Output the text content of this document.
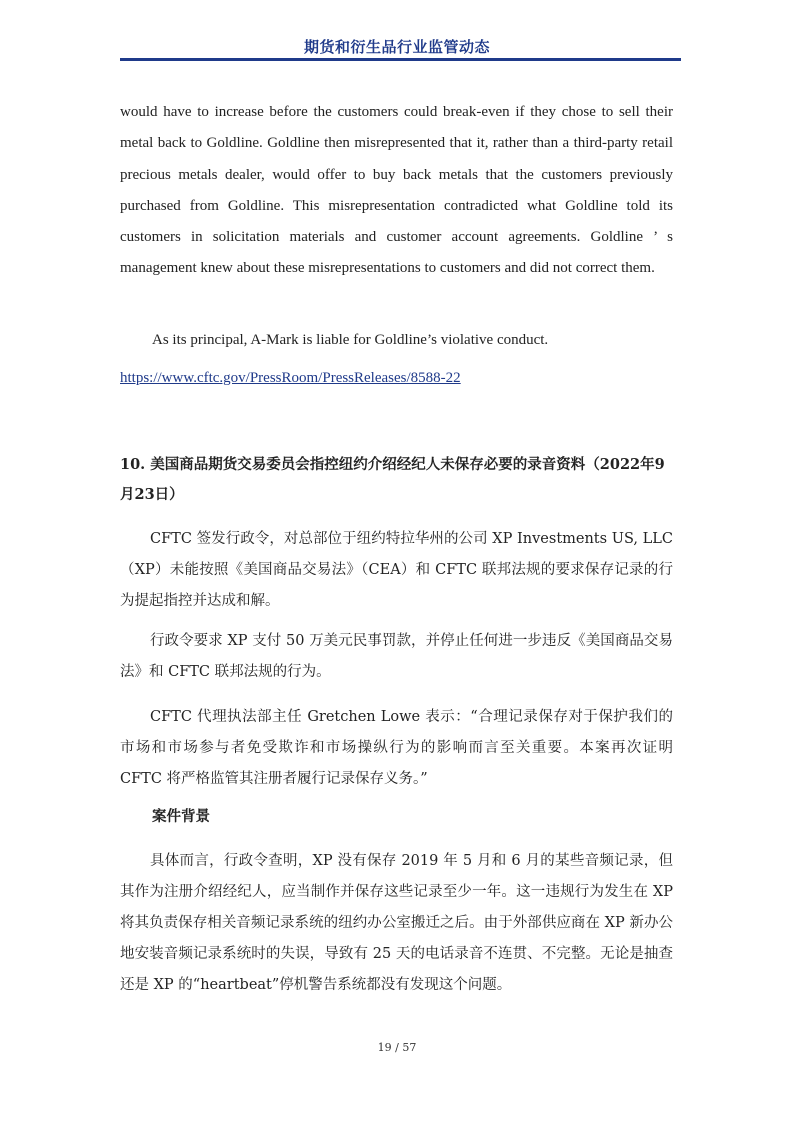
期货和衍生品行业监管动态
would have to increase before the customers could break-even if they chose to sell their metal back to Goldline. Goldline then misrepresented that it, rather than a third-party retail precious metals dealer, would offer to buy back metals that the customers previously purchased from Goldline. This misrepresentation contradicted what Goldline told its customers in solicitation materials and customer account agreements. Goldline ’ s management knew about these misrepresentations to customers and did not correct them.
As its principal, A-Mark is liable for Goldline’s violative conduct.
https://www.cftc.gov/PressRoom/PressReleases/8588-22
10. 美国商品期货交易委员会指控纽约介绍经纪人未保存必要的录音资料（2022年9月23日）
CFTC 签发行政令，对总部位于纽约特拉华州的公司 XP Investments US, LLC（XP）未能按照《美国商品交易法》（CEA）和 CFTC 联邦法规的要求保存记录的行为提起指控并达成和解。
行政令要求 XP 支付 50 万美元民事罚款，并停止任何进一步违反《美国商品交易法》和 CFTC 联邦法规的行为。
CFTC 代理执法部主任 Gretchen Lowe 表示：“合理记录保存对于保护我们的市场和市场参与者免受欺诈和市场操纵行为的影响而言至关重要。本案再次证明 CFTC 将严格监管其注册者履行记录保存义务。”
案件背景
具体而言，行政令查明，XP 没有保存 2019 年 5 月和 6 月的某些音频记录，但其作为注册介绍经纪人，应当制作并保存这些记录至少一年。这一违规行为发生在 XP 将其负责保存相关音频记录系统的纽约办公室搬迁之后。由于外部供应商在 XP 新办公地安装音频记录系统时的失误，导致有 25 天的电话录音不连贯、不完整。无论是抽查还是 XP 的“heartbeat”停机警告系统都没有发现这个问题。
19 / 57
